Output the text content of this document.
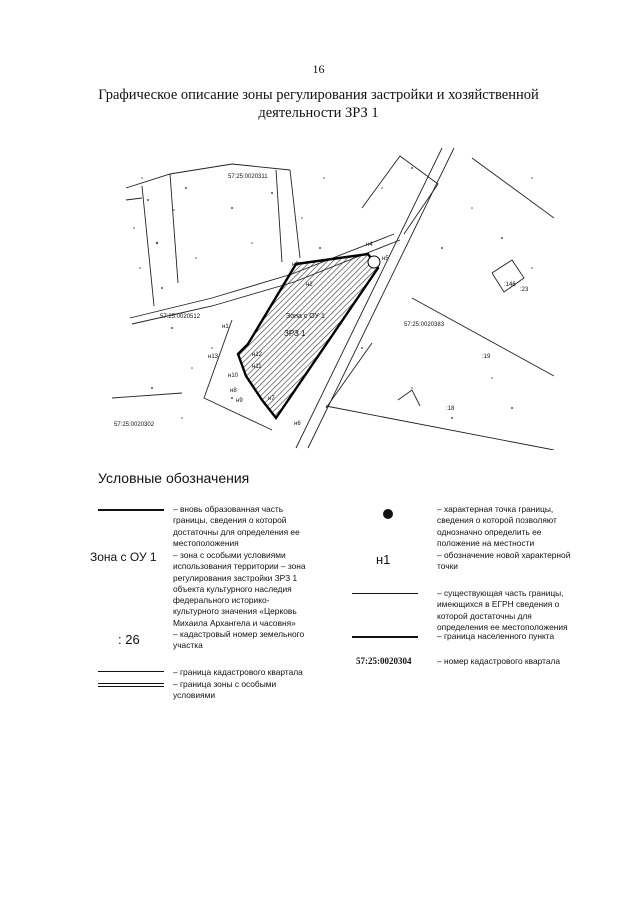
16
Графическое описание зоны регулирования застройки и хозяйственной
деятельности ЗРЗ 1
57:25:0020311
57:25:0020512
57:25:0020383
57:25:0020302
:146
:23
:19
:18
н1
н2
н3
н4
н5
н6
н7
н8
н9
н10
н11
н12
н13
Зона с ОУ 1
ЗРЗ 1
Условные обозначения
– вновь образованная часть
границы, сведения о которой
достаточны для определения ее
местоположения
Зона с ОУ 1 – зона с особыми условиями
использования территории – зона
регулирования застройки ЗРЗ 1
объекта культурного наследия
федерального историко-
культурного значения «Церковь
Михаила Архангела и часовня»
: 26	– кадастровый номер земельного
участка
– граница кадастрового квартала
– граница зоны с особыми
условиями
– характерная точка границы,
сведения о которой позволяют
однозначно определить ее
положение на местности
н1	– обозначение новой характерной
точки
– существующая часть границы,
имеющихся в ЕГРН сведения о
которой достаточны для
определения ее местоположения
– граница населенного пункта
57:25:0020304	– номер кадастрового квартала
